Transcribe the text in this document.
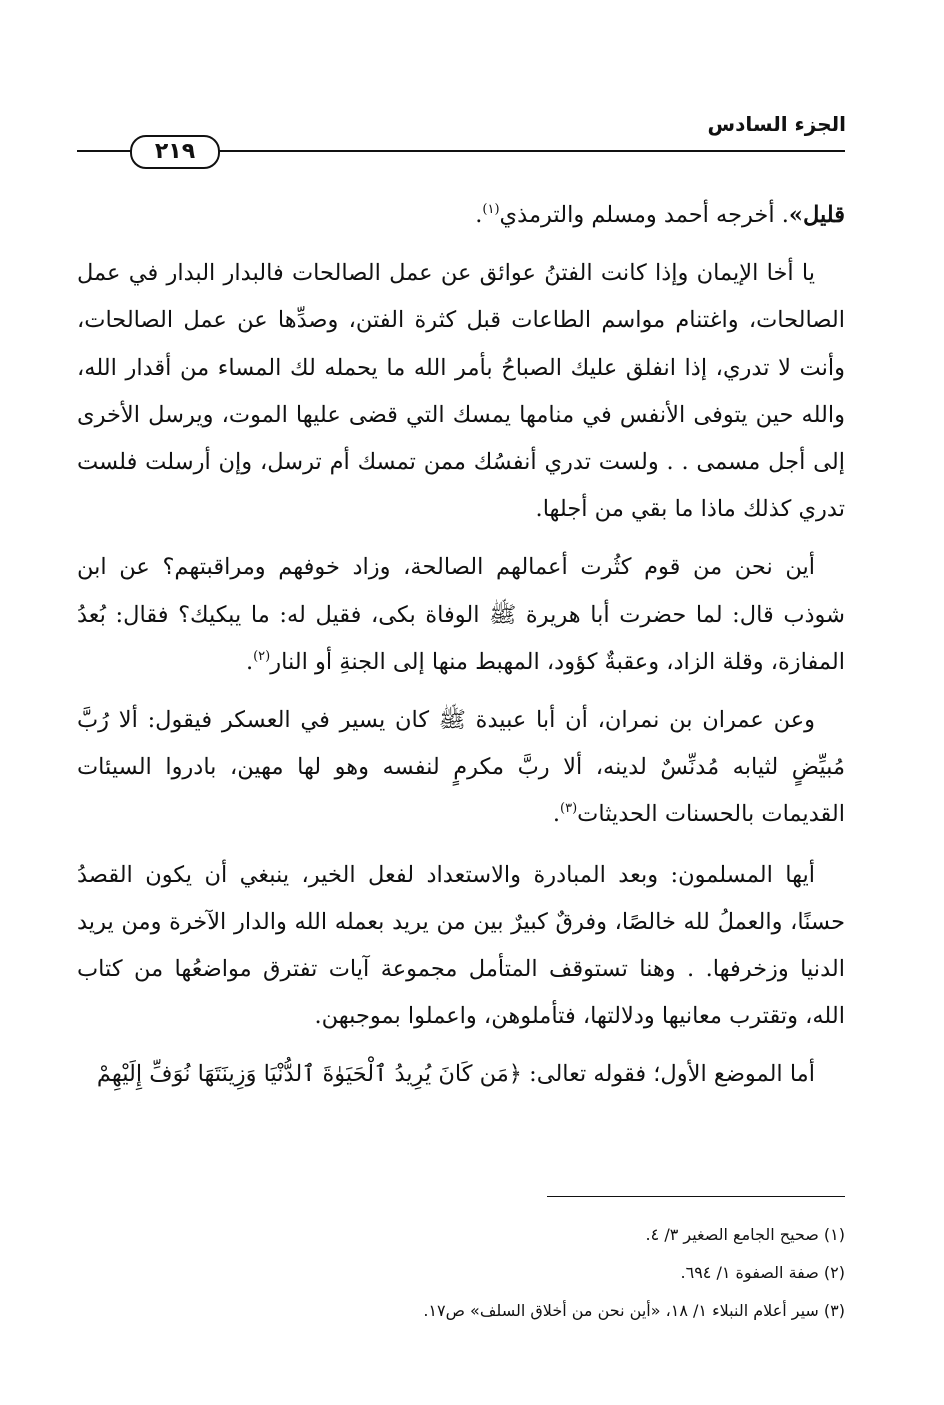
الجزء السادس
٢١٩

قليل». أخرجه أحمد ومسلم والترمذي$^{(١)}$.

يا أخا الإيمان وإذا كانت الفتنُ عوائق عن عمل الصالحات فالبدار البدار في عمل الصالحات، واغتنام مواسم الطاعات قبل كثرة الفتن، وصدِّها عن عمل الصالحات، وأنت لا تدري، إذا انفلق عليك الصباحُ بأمر الله ما يحمله لك المساء من أقدار الله، والله حين يتوفى الأنفس في منامها يمسك التي قضى عليها الموت، ويرسل الأخرى إلى أجل مسمى . . ولست تدري أنفسُك ممن تمسك أم ترسل، وإن أرسلت فلست تدري كذلك ماذا ما بقي من أجلها.

أين نحن من قوم كثُرت أعمالهم الصالحة، وزاد خوفهم ومراقبتهم؟ عن ابن شوذب قال: لما حضرت أبا هريرة ﷺ الوفاة بكى، فقيل له: ما يبكيك؟ فقال: بُعدُ المفازة، وقلة الزاد، وعقبةٌ كؤود، المهبط منها إلى الجنةِ أو النار$^{(٢)}$.

وعن عمران بن نمران، أن أبا عبيدة ﷺ كان يسير في العسكر فيقول: ألا رُبَّ مُبيِّضٍ لثيابه مُدنِّسٌ لدينه، ألا ربَّ مكرمٍ لنفسه وهو لها مهين، بادروا السيئات القديمات بالحسنات الحديثات$^{(٣)}$.

أيها المسلمون: وبعد المبادرة والاستعداد لفعل الخير، ينبغي أن يكون القصدُ حسنًا، والعملُ لله خالصًا، وفرقٌ كبيرٌ بين من يريد بعمله الله والدار الآخرة ومن يريد الدنيا وزخرفها. . وهنا تستوقف المتأمل مجموعة آيات تفترق مواضعُها من كتاب الله، وتقترب معانيها ودلالتها، فتأملوهن، واعملوا بموجبهن.

أما الموضع الأول؛ فقوله تعالى: ﴿مَن كَانَ يُرِيدُ ٱلْحَيَوٰةَ ٱلدُّنْيَا وَزِينَتَهَا نُوَفِّ إِلَيْهِمْ

(١) صحيح الجامع الصغير ٣/ ٤.
(٢) صفة الصفوة ١/ ٦٩٤.
(٣) سير أعلام النبلاء ١/ ١٨، «أين نحن من أخلاق السلف» ص١٧.
